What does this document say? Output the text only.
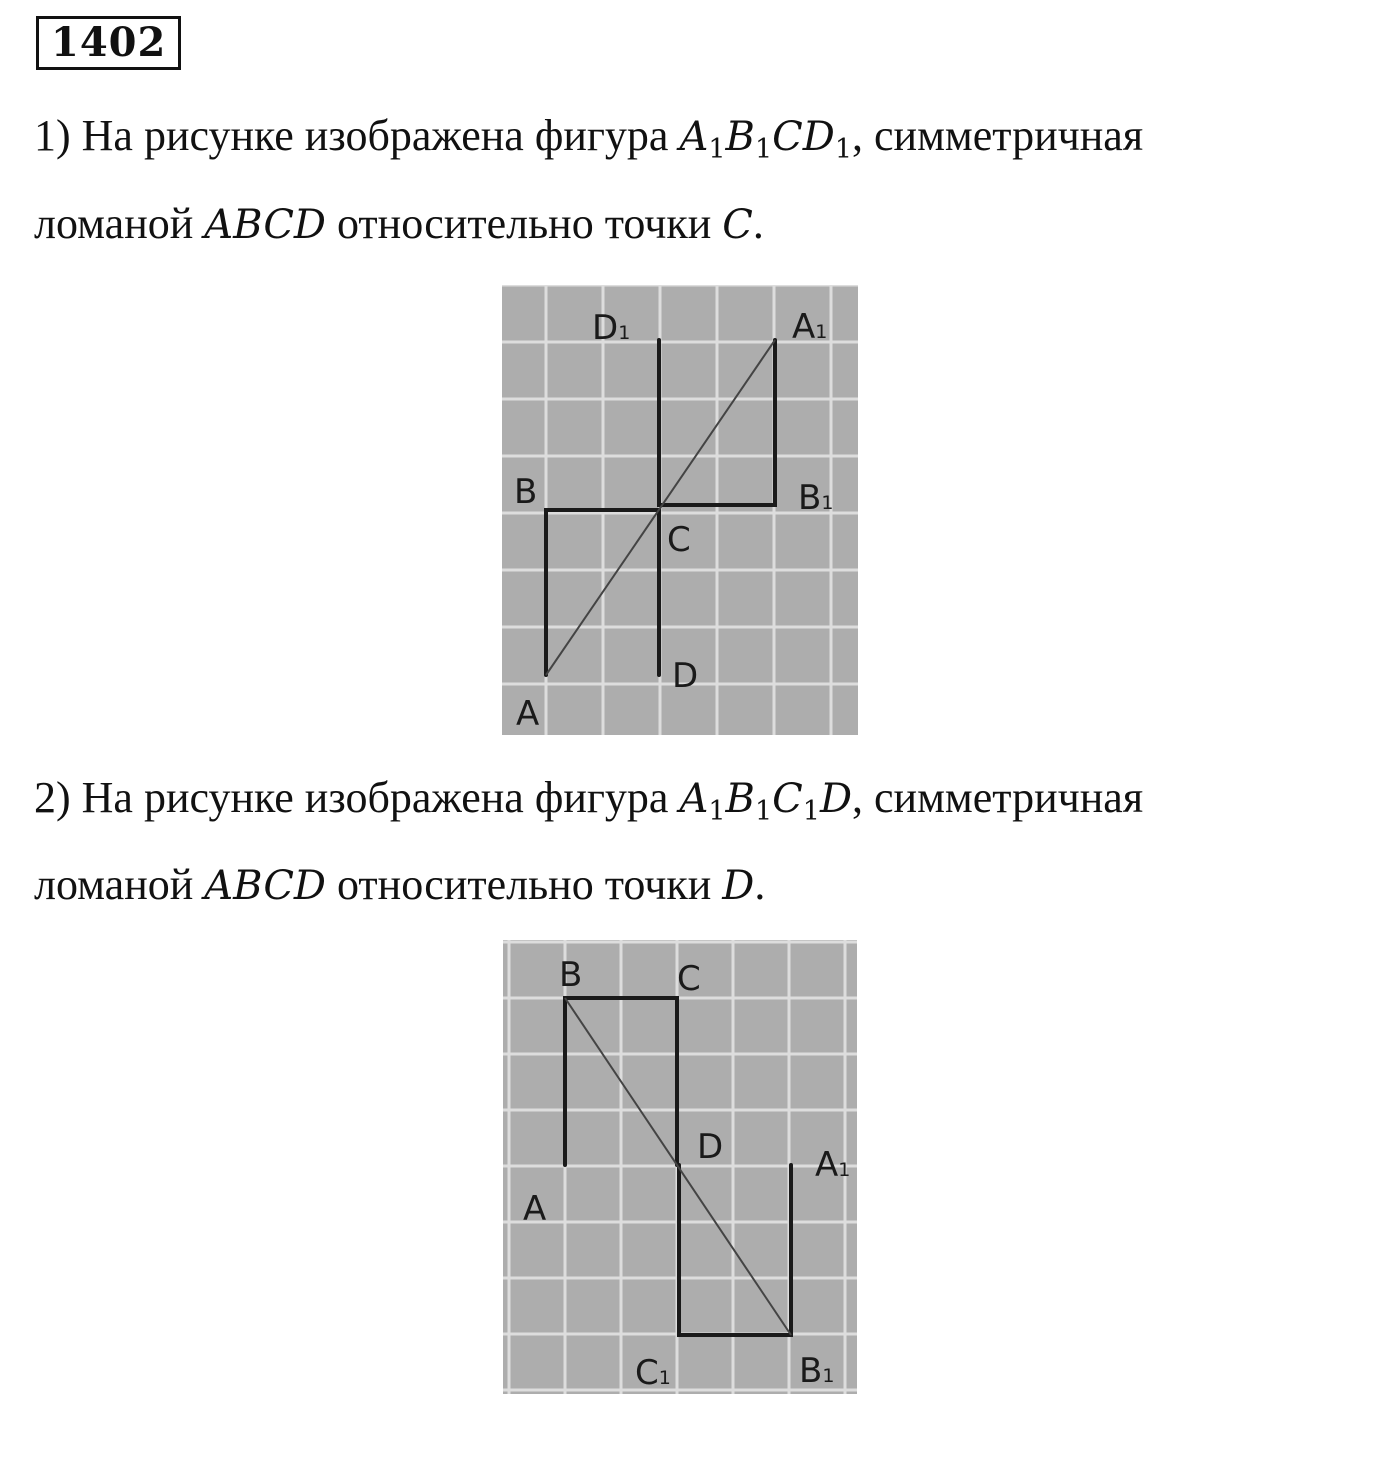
1402
1) На рисунке изображена фигура $A_1B_1CD_1$, симметричная
ломаной ABCD относительно точки C.
A
B
C
D
D1	A1
B1
2) На рисунке изображена фигура $A_1B_1C_1D$, симметричная
ломаной ABCD относительно точки D.
A
B	C
D	A1
B1
C1
